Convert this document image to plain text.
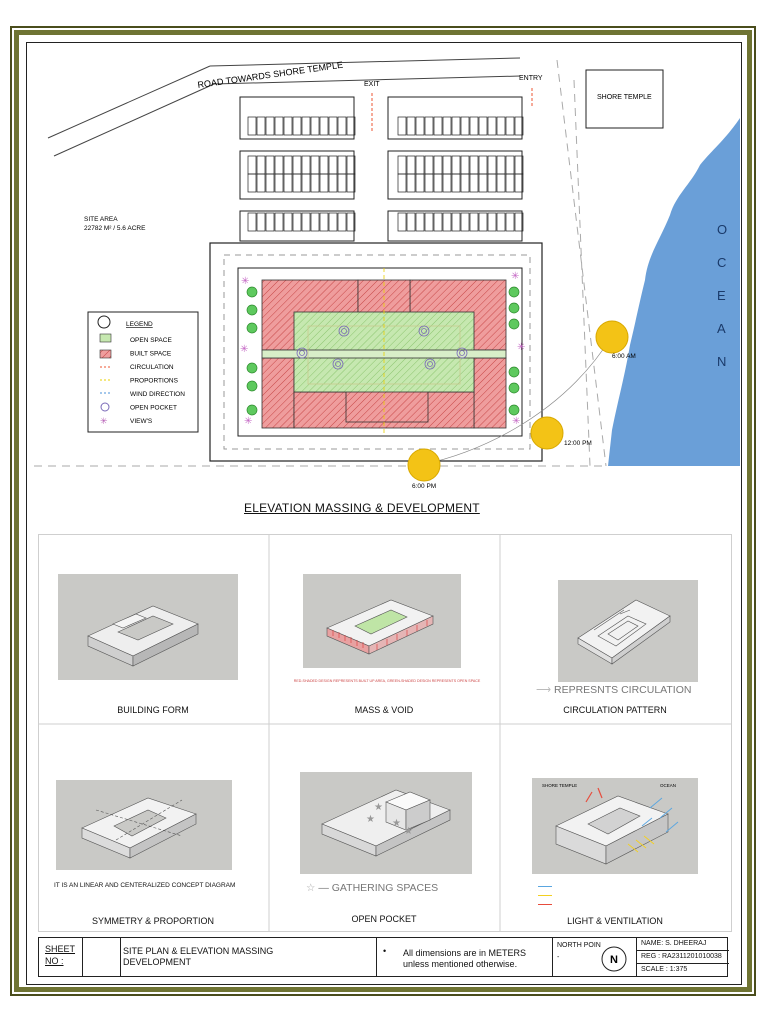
ROAD TOWARDS SHORE TEMPLE	EXIT
ENTRY
SHORE TEMPLE
SITE AREA
22782 M² / 5.6 ACRE	O
C
E
A
N
✳	✳
✳	✳
✳	✳
6:00 AM
12:00 PM
6:00 PM
LEGEND
✳
OPEN SPACE
BUILT SPACE
CIRCULATION
PROPORTIONS
WIND DIRECTION
OPEN POCKET
VIEW'S
ELEVATION MASSING & DEVELOPMENT
BUILDING FORM
RED-SHADED DESIGN REPRESENTS BUILT UP AREA, GREEN-SHADED DESIGN REPRESENTS OPEN SPACE
MASS & VOID
⟶ REPRESNTS CIRCULATION
CIRCULATION PATTERN
IT IS AN LINEAR AND CENTERALIZED CONCEPT DIAGRAM
SYMMETRY & PROPORTION
★
★
★
★
☆ — GATHERING SPACES
OPEN POCKET
SHORE TEMPLE	OCEAN
LIGHT & VENTILATION
SHEET
NO :
SITE PLAN & ELEVATION MASSING
DEVELOPMENT
• All dimensions are in METERS
unless mentioned otherwise.
NORTH POIN
-	N
NAME: S. DHEERAJ
REG : RA2311201010038
SCALE : 1:375
